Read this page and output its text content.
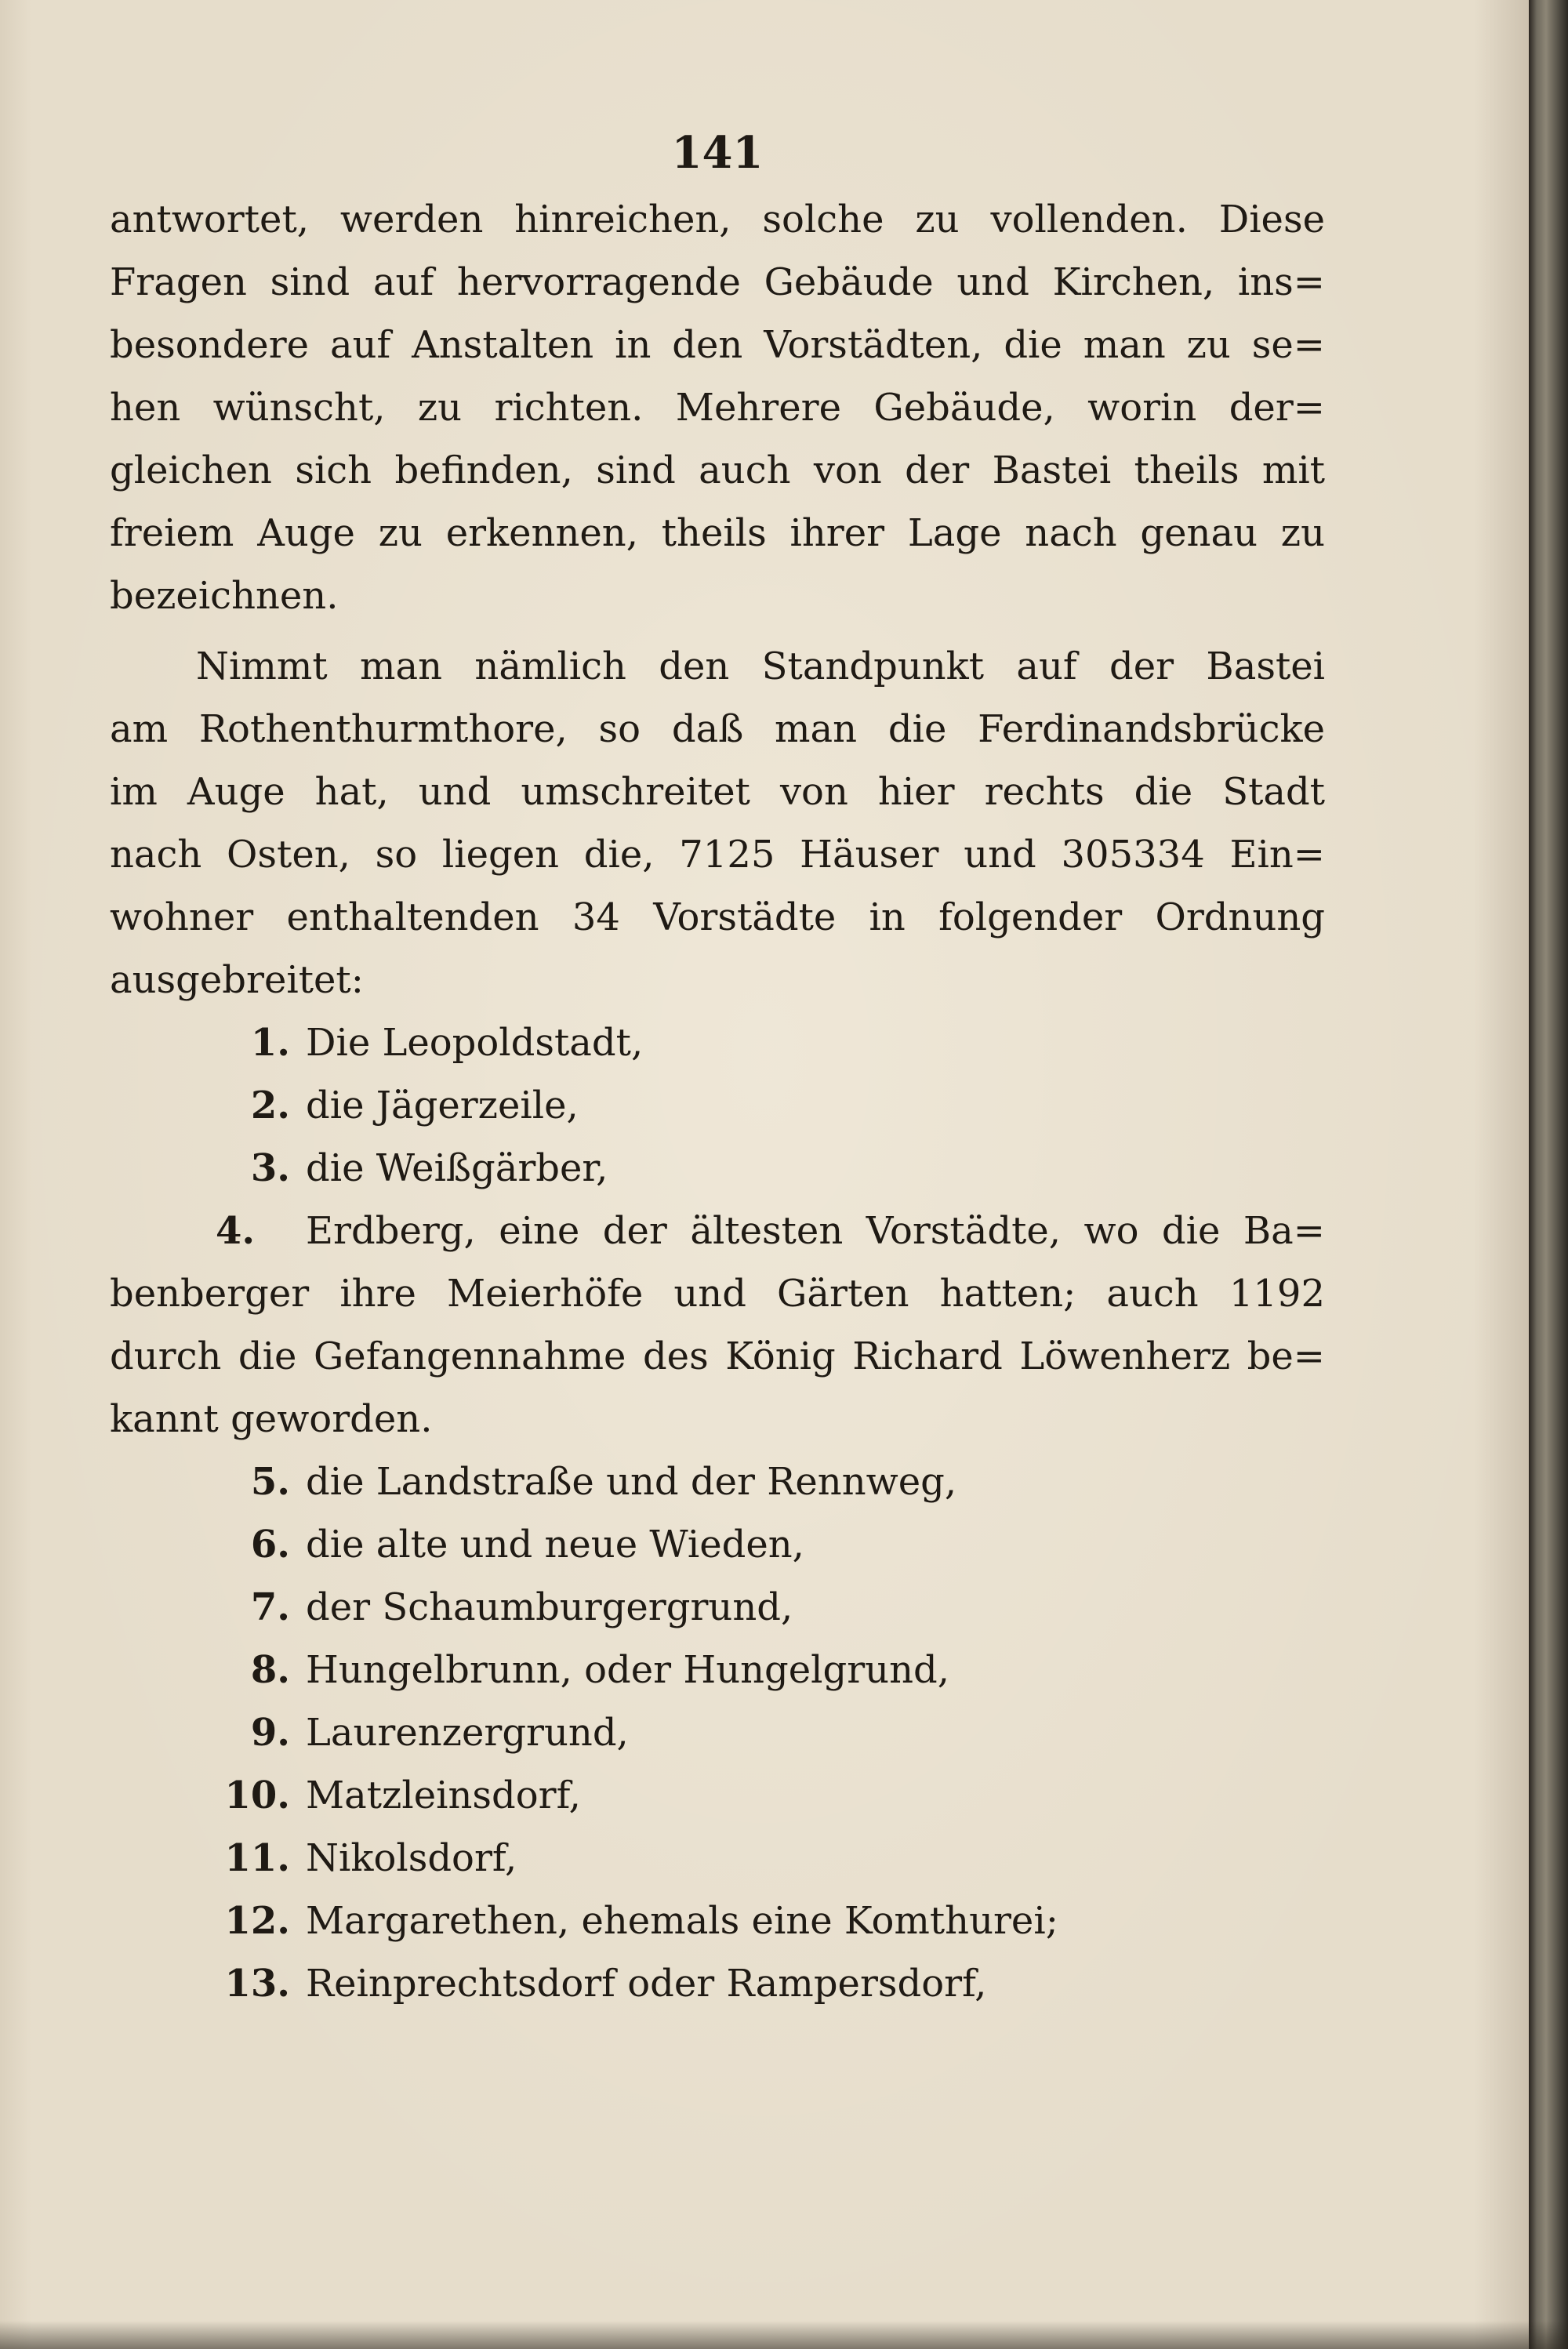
141
antwortet, werden hinreichen, solche zu vollenden. Diese
Fragen sind auf hervorragende Gebäude und Kirchen, ins=
besondere auf Anstalten in den Vorstädten, die man zu se=
hen wünscht, zu richten. Mehrere Gebäude, worin der=
gleichen sich befinden, sind auch von der Bastei theils mit
freiem Auge zu erkennen, theils ihrer Lage nach genau zu
bezeichnen.
Nimmt man nämlich den Standpunkt auf der Bastei
am Rothenthurmthore, so daß man die Ferdinandsbrücke
im Auge hat, und umschreitet von hier rechts die Stadt
nach Osten, so liegen die, 7125 Häuser und 305334 Ein=
wohner enthaltenden 34 Vorstädte in folgender Ordnung
ausgebreitet:
1. Die Leopoldstadt,
2. die Jägerzeile,
3. die Weißgärber,
4. Erdberg, eine der ältesten Vorstädte, wo die Ba=
benberger ihre Meierhöfe und Gärten hatten; auch 1192
durch die Gefangennahme des König Richard Löwenherz be=
kannt geworden.
5. die Landstraße und der Rennweg,
6. die alte und neue Wieden,
7. der Schaumburgergrund,
8. Hungelbrunn, oder Hungelgrund,
9. Laurenzergrund,
10. Matzleinsdorf,
11. Nikolsdorf,
12. Margarethen, ehemals eine Komthurei;
13. Reinprechtsdorf oder Rampersdorf,
